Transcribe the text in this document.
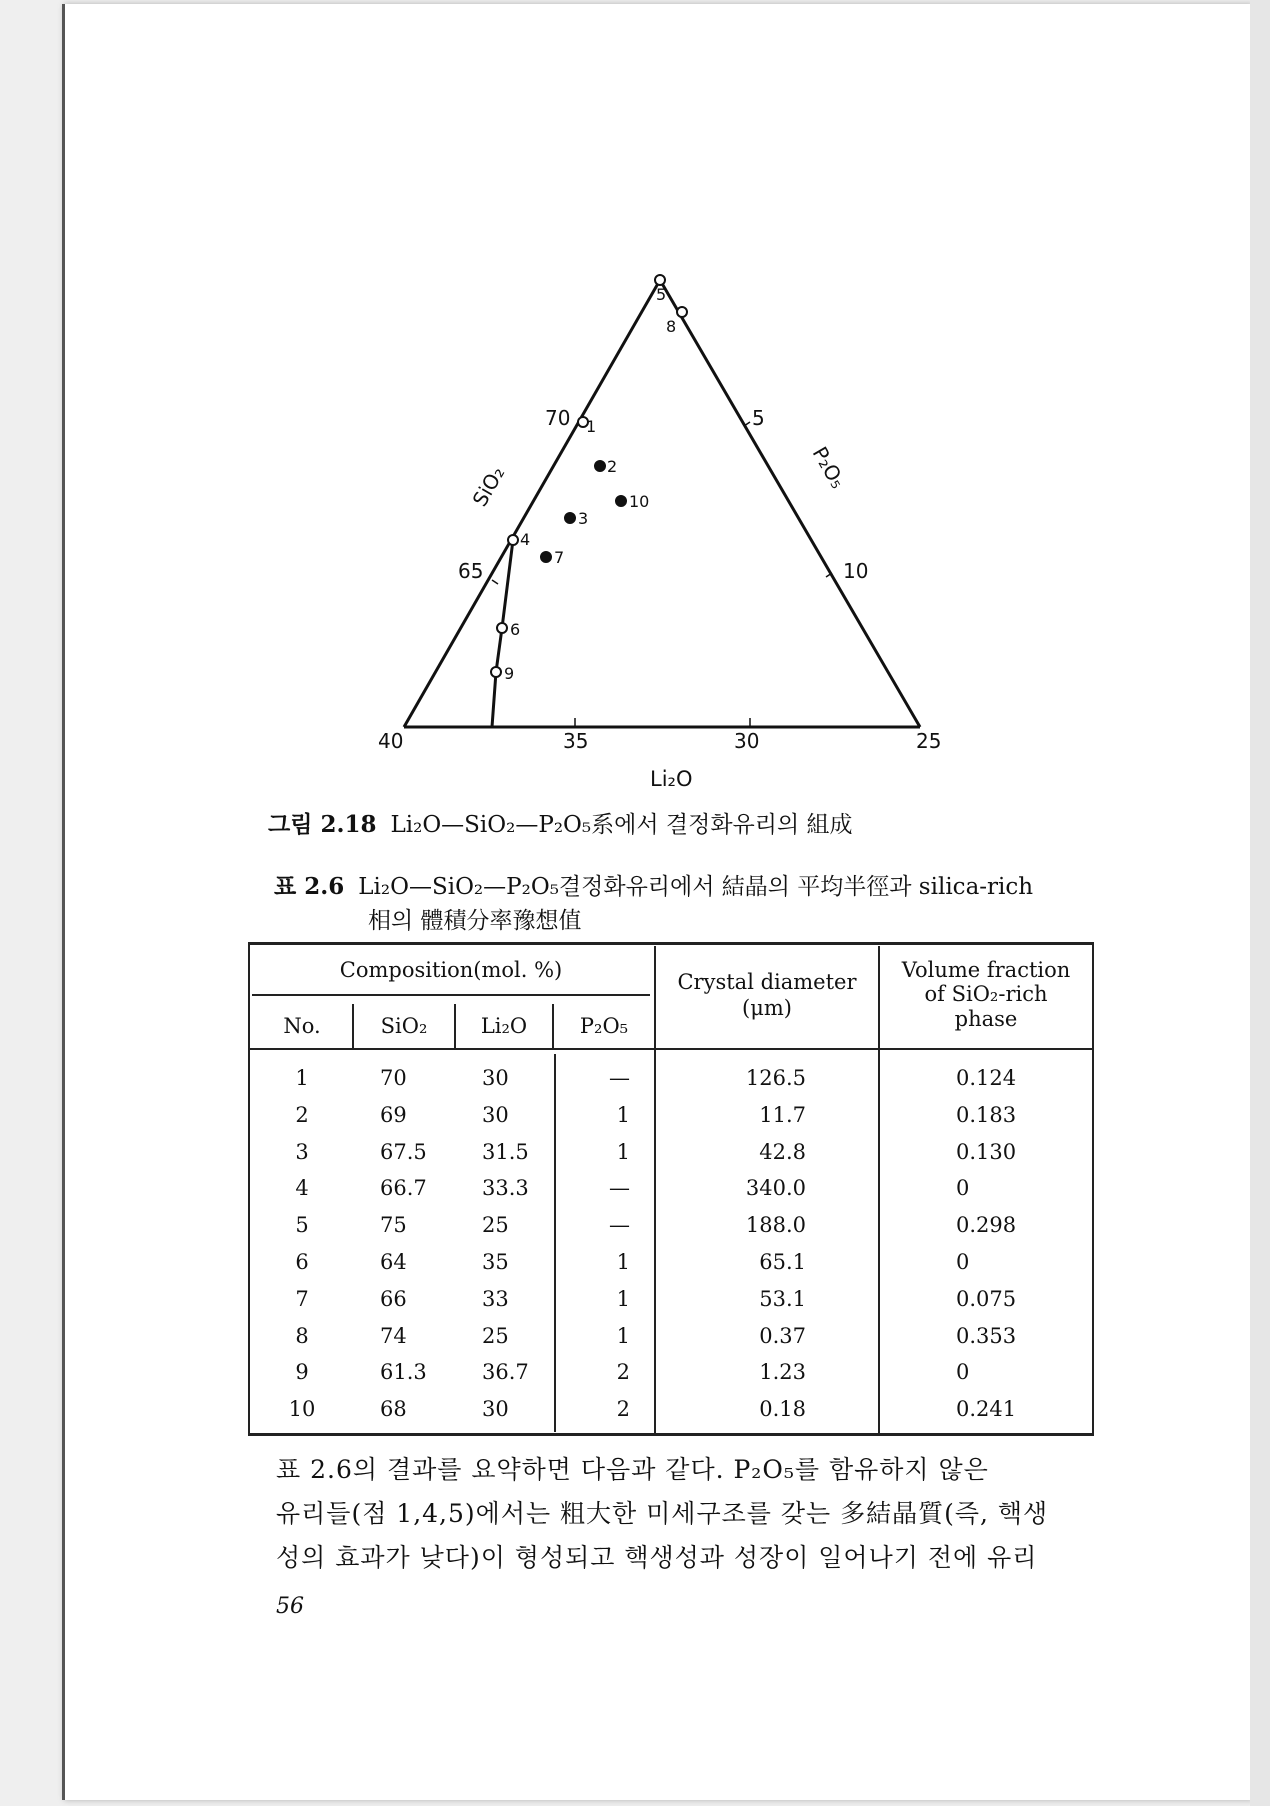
40	35	30	25
70
65
5
10
SiO₂	P₂O₅
Li₂O
5
8
1
2
10
3
4
7
6
9
그림 2.18 Li₂O—SiO₂—P₂O₅系에서 결정화유리의 組成
표 2.6 Li₂O—SiO₂—P₂O₅결정화유리에서 結晶의 平均半徑과 silica-rich
相의 體積分率豫想值
Composition(mol. %)
No.	SiO₂	Li₂O	P₂O₅
Crystal diameter
(μm)
Volume fraction
of SiO₂-rich
phase
1	70	30	—	126.5	0.124
2	69	30	1	11.7	0.183
3	67.5	31.5	1	42.8	0.130
4	66.7	33.3	—	340.0	0
5	75	25	—	188.0	0.298
6	64	35	1	65.1	0
7	66	33	1	53.1	0.075
8	74	25	1	0.37	0.353
9	61.3	36.7	2	1.23	0
10	68	30	2	0.18	0.241
표 2.6의 결과를 요약하면 다음과 같다. P₂O₅를 함유하지 않은
유리들(점 1,4,5)에서는 粗大한 미세구조를 갖는 多結晶質(즉, 핵생
성의 효과가 낮다)이 형성되고 핵생성과 성장이 일어나기 전에 유리
56
